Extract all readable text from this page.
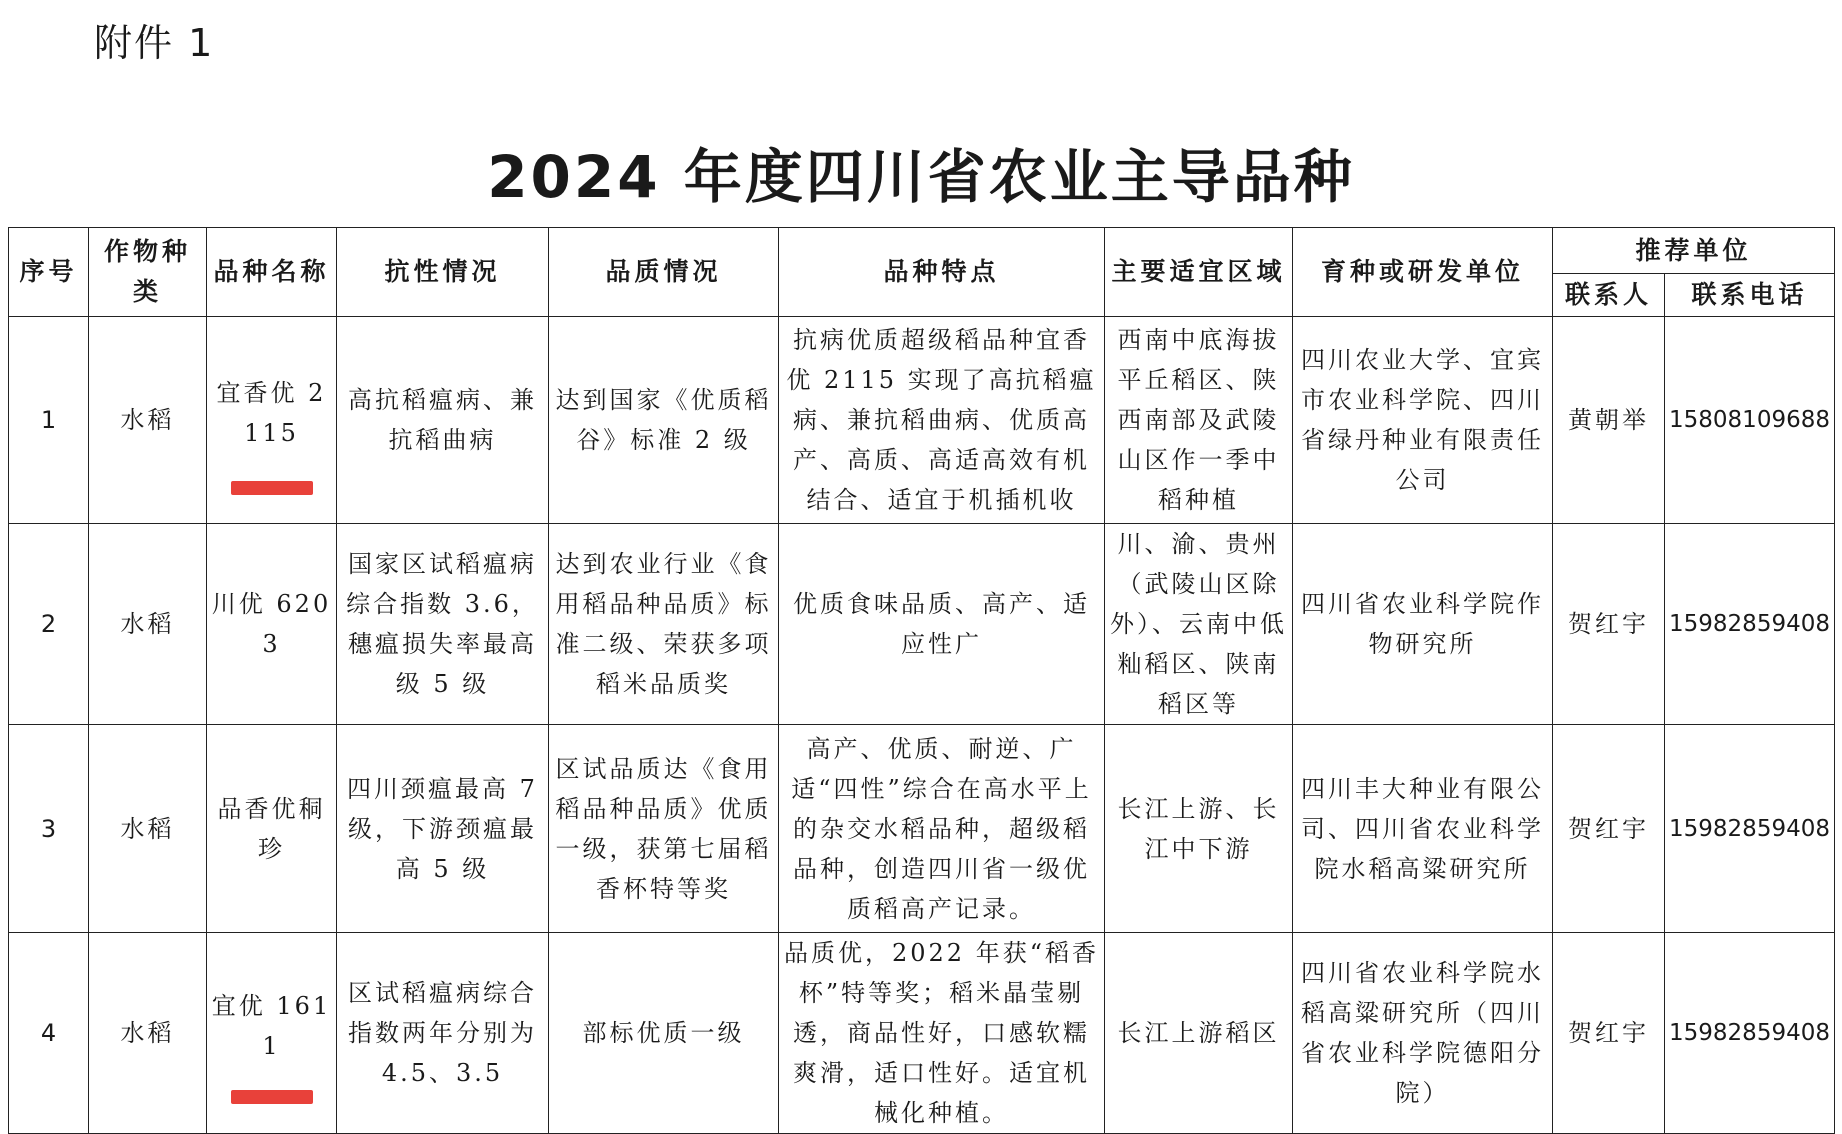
附件 1
2024 年度四川省农业主导品种
序号	作物种类	品种名称	抗性情况	品质情况	品种特点	主要适宜区域	育种或研发单位	推荐单位	
								联系人	联系电话
1	水稻	宜香优 2115	高抗稻瘟病、兼抗稻曲病	达到国家《优质稻谷》标准 2 级	抗病优质超级稻品种宜香优 2115 实现了高抗稻瘟病、兼抗稻曲病、优质高产、高质、高适高效有机结合、适宜于机插机收	西南中底海拔平丘稻区、陕西南部及武陵山区作一季中稻种植	四川农业大学、宜宾市农业科学院、四川省绿丹种业有限责任公司	黄朝举	15808109688
2	水稻	川优 6203	国家区试稻瘟病综合指数 3.6，穗瘟损失率最高级 5 级	达到农业行业《食用稻品种品质》标准二级、荣获多项稻米品质奖	优质食味品质、高产、适应性广	川、渝、贵州（武陵山区除外）、云南中低籼稻区、陕南稻区等	四川省农业科学院作物研究所	贺红宇	15982859408
3	水稻	品香优秱珍	四川颈瘟最高 7 级，下游颈瘟最高 5 级	区试品质达《食用稻品种品质》优质一级，获第七届稻香杯特等奖	高产、优质、耐逆、广适“四性”综合在高水平上的杂交水稻品种，超级稻品种，创造四川省一级优质稻高产记录。	长江上游、长江中下游	四川丰大种业有限公司、四川省农业科学院水稻高粱研究所	贺红宇	15982859408
4	水稻	宜优 1611	区试稻瘟病综合指数两年分别为 4.5、3.5	部标优质一级	品质优，2022 年获“稻香杯”特等奖；稻米晶莹剔透，商品性好，口感软糯爽滑，适口性好。适宜机械化种植。	长江上游稻区	四川省农业科学院水稻高粱研究所（四川省农业科学院德阳分院）	贺红宇	15982859408
